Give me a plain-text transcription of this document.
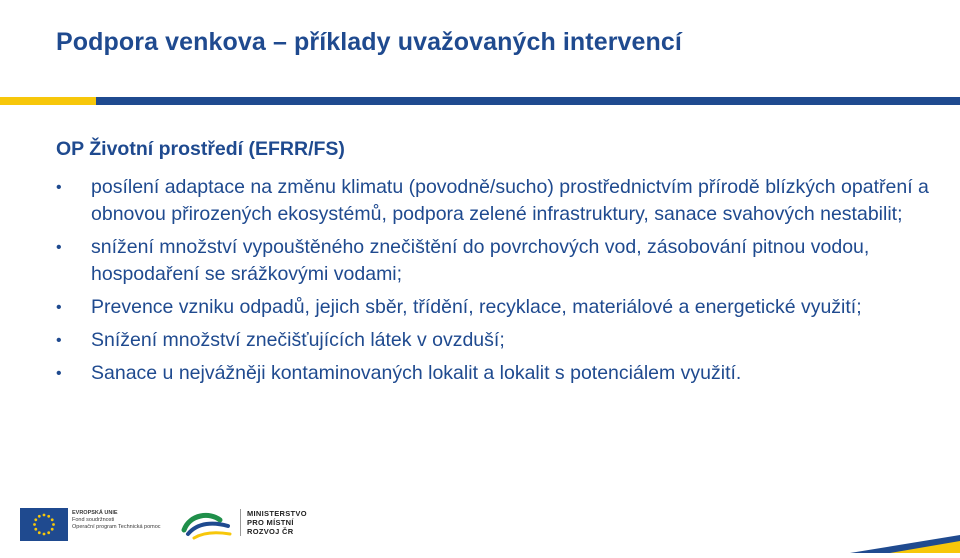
Podpora venkova – příklady uvažovaných intervencí
OP Životní prostředí (EFRR/FS)
•	posílení adaptace na změnu klimatu (povodně/sucho) prostřednictvím přírodě blízkých opatření a obnovou přirozených ekosystémů, podpora zelené infrastruktury, sanace svahových nestabilit;
•	snížení množství vypouštěného znečištění do povrchových vod, zásobování pitnou vodou, hospodaření se srážkovými vodami;
•	Prevence vzniku odpadů, jejich sběr, třídění, recyklace, materiálové a energetické využití;
•	Snížení množství znečišťujících látek v ovzduší;
•	Sanace u nejvážněji kontaminovaných lokalit a lokalit s potenciálem využití.
EVROPSKÁ UNIE
Fond soudržnosti
Operační program Technická pomoc
MINISTERSTVO
PRO MÍSTNÍ
ROZVOJ ČR
